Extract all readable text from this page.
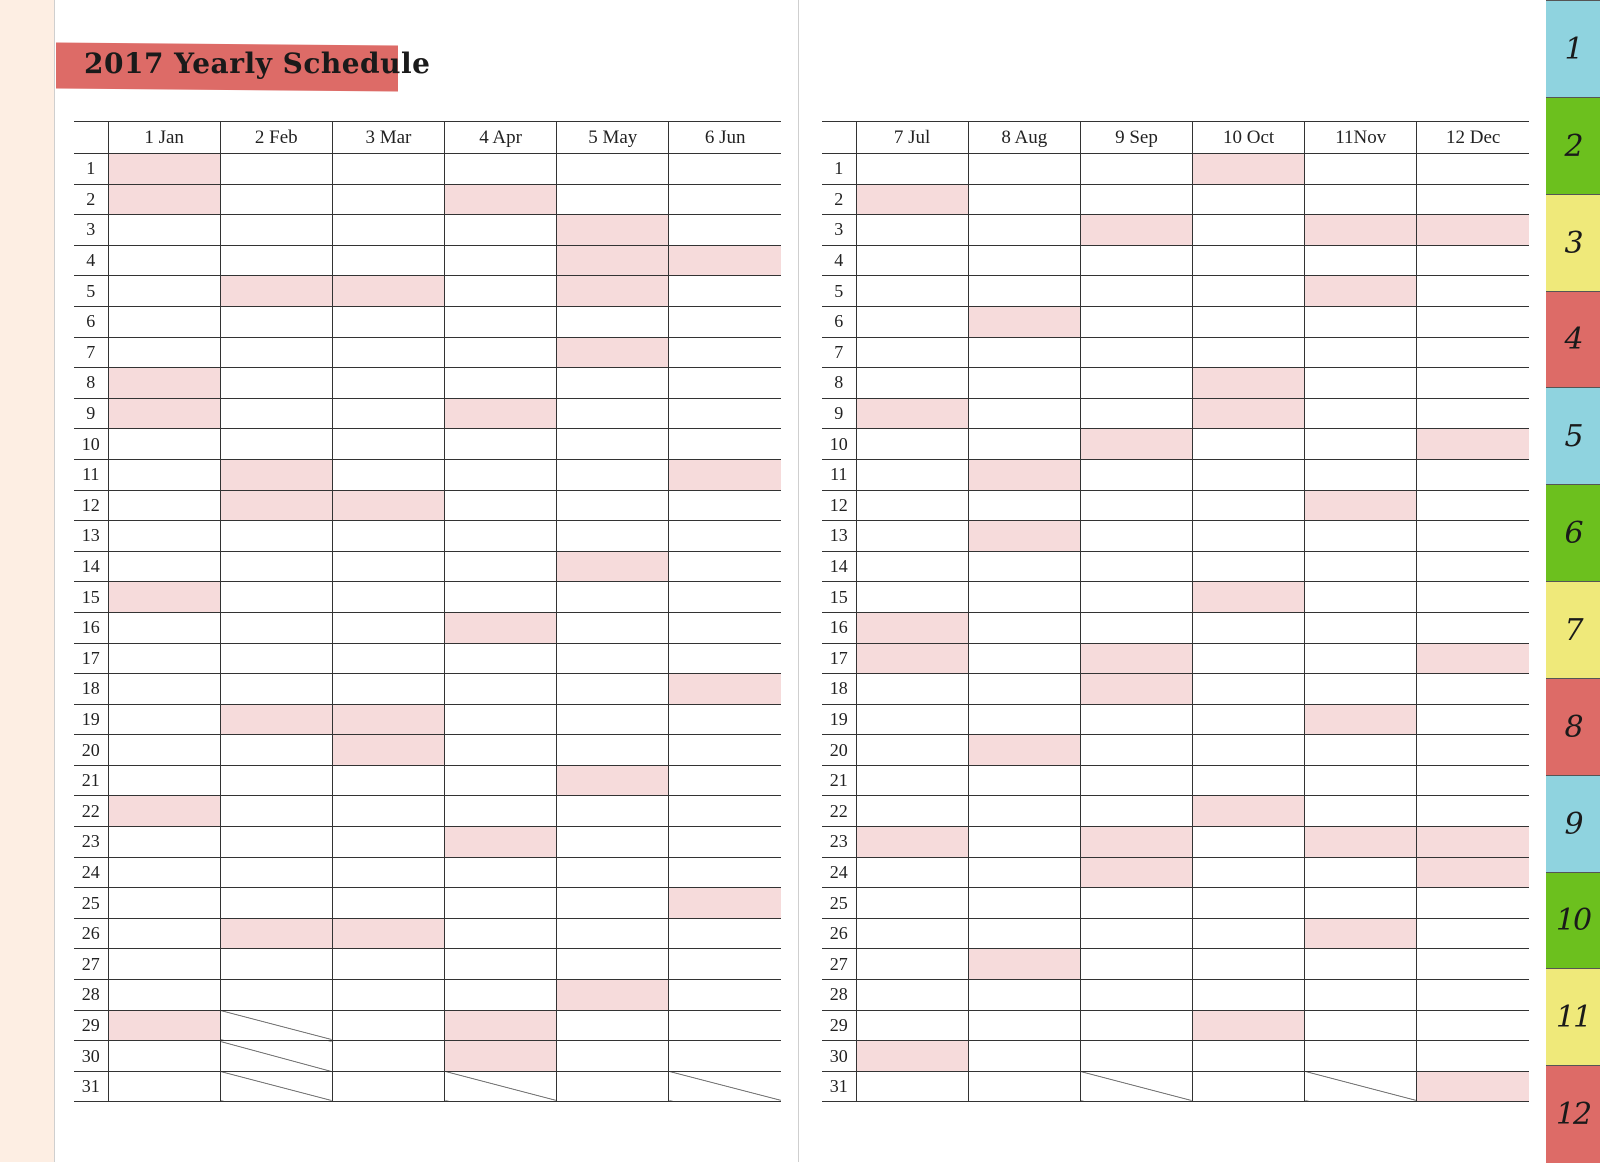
2017 Yearly Schedule
	1 Jan	2 Feb	3 Mar	4 Apr	5 May	6 Jun
1						
2						
3						
4						
5						
6						
7						
8						
9						
10						
11						
12						
13						
14						
15						
16						
17						
18						
19						
20						
21						
22						
23						
24						
25						
26						
27						
28						
29						
30						
31						
	7 Jul	8 Aug	9 Sep	10 Oct	11Nov	12 Dec
1						
2						
3						
4						
5						
6						
7						
8						
9						
10						
11						
12						
13						
14						
15						
16						
17						
18						
19						
20						
21						
22						
23						
24						
25						
26						
27						
28						
29						
30						
31						
1
2
3
4
5
6
7
8
9
10
11
12
